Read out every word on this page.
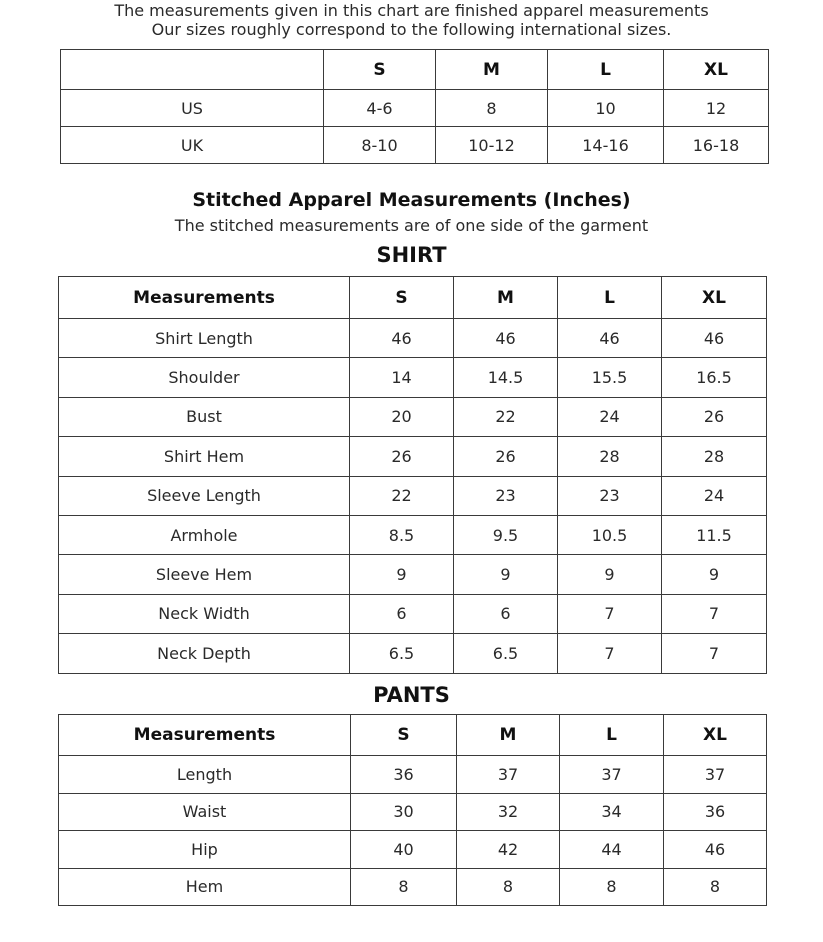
The measurements given in this chart are finished apparel measurements
Our sizes roughly correspond to the following international sizes.
	S	M	L	XL
US	4-6	8	10	12
UK	8-10	10-12	14-16	16-18
Stitched Apparel Measurements (Inches)
The stitched measurements are of one side of the garment
SHIRT
Measurements	S	M	L	XL
Shirt Length	46	46	46	46
Shoulder	14	14.5	15.5	16.5
Bust	20	22	24	26
Shirt Hem	26	26	28	28
Sleeve Length	22	23	23	24
Armhole	8.5	9.5	10.5	11.5
Sleeve Hem	9	9	9	9
Neck Width	6	6	7	7
Neck Depth	6.5	6.5	7	7
PANTS
Measurements	S	M	L	XL
Length	36	37	37	37
Waist	30	32	34	36
Hip	40	42	44	46
Hem	8	8	8	8
